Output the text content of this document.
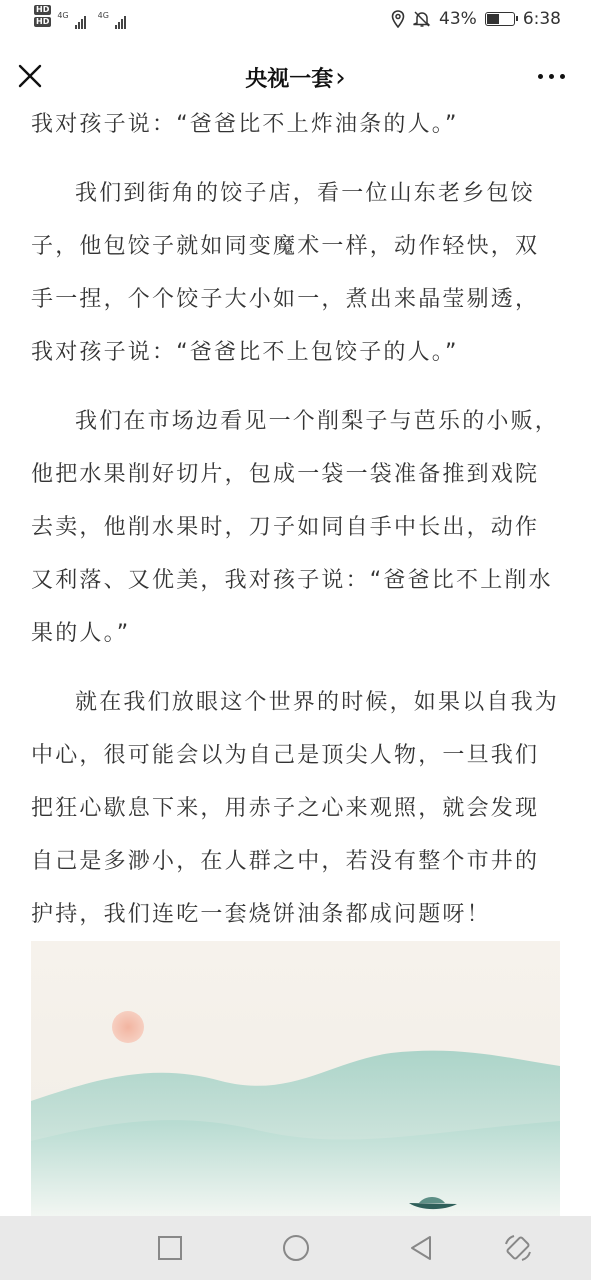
HD
HD
4G	4G	43%	6:38
央视一套›

我对孩子说：“爸爸比不上炸油条的人。”

我们到街角的饺子店，看一位山东老乡包饺子，他包饺子就如同变魔术一样，动作轻快，双手一捏，个个饺子大小如一，煮出来晶莹剔透，我对孩子说：“爸爸比不上包饺子的人。”

我们在市场边看见一个削梨子与芭乐的小贩，他把水果削好切片，包成一袋一袋准备推到戏院去卖，他削水果时，刀子如同自手中长出，动作又利落、又优美，我对孩子说：“爸爸比不上削水果的人。”

就在我们放眼这个世界的时候，如果以自我为中心，很可能会以为自己是顶尖人物，一旦我们把狂心歇息下来，用赤子之心来观照，就会发现自己是多渺小，在人群之中，若没有整个市井的护持，我们连吃一套烧饼油条都成问题呀！
